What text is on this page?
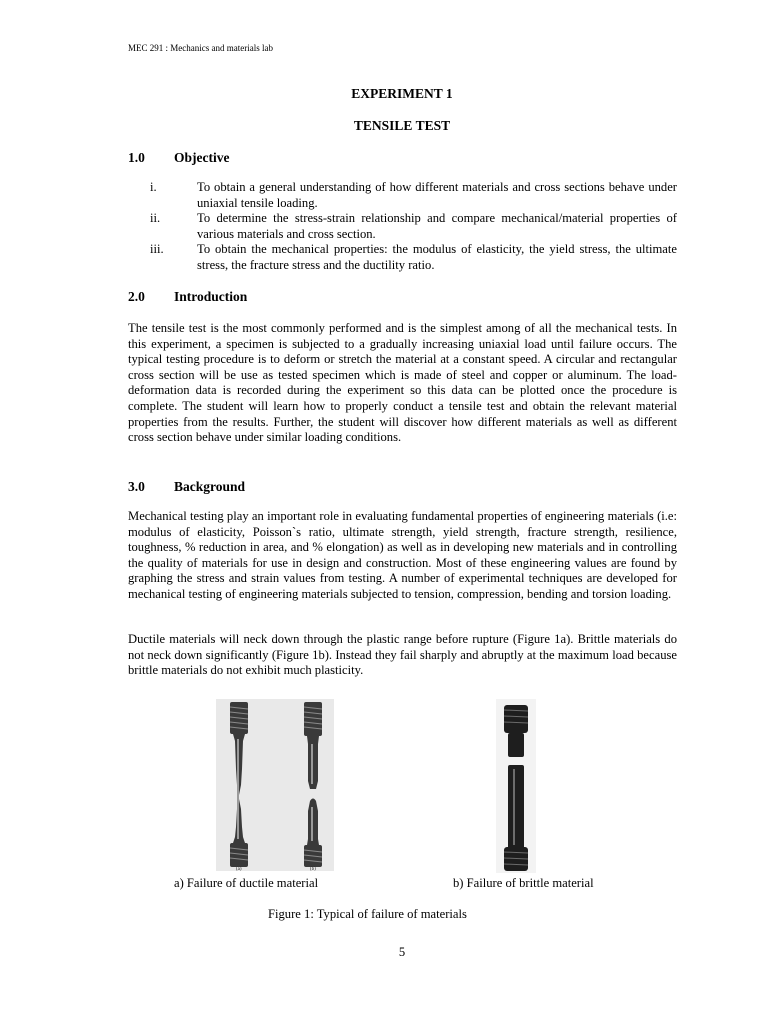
MEC 291 : Mechanics and materials lab
EXPERIMENT 1
TENSILE TEST
1.0 Objective
i.	To obtain a general understanding of how different materials and cross sections behave under uniaxial tensile loading.
ii.	To determine the stress-strain relationship and compare mechanical/material properties of various materials and cross section.
iii.	To obtain the mechanical properties: the modulus of elasticity, the yield stress, the ultimate stress, the fracture stress and the ductility ratio.
2.0 Introduction
The tensile test is the most commonly performed and is the simplest among of all the mechanical tests. In this experiment, a specimen is subjected to a gradually increasing uniaxial load until failure occurs. The typical testing procedure is to deform or stretch the material at a constant speed. A circular and rectangular cross section will be use as tested specimen which is made of steel and copper or aluminum. The load-deformation data is recorded during the experiment so this data can be plotted once the procedure is complete. The student will learn how to properly conduct a tensile test and obtain the relevant material properties from the results. Further, the student will discover how different materials as well as different cross section behave under similar loading conditions.
3.0 Background
Mechanical testing play an important role in evaluating fundamental properties of engineering materials (i.e: modulus of elasticity, Poisson`s ratio, ultimate strength, yield strength, fracture strength, resilience, toughness, % reduction in area, and % elongation) as well as in developing new materials and in controlling the quality of materials for use in design and construction. Most of these engineering values are found by graphing the stress and strain values from testing. A number of experimental techniques are developed for mechanical testing of engineering materials subjected to tension, compression, bending and torsion loading.
Ductile materials will neck down through the plastic range before rupture (Figure 1a). Brittle materials do not neck down significantly (Figure 1b). Instead they fail sharply and abruptly at the maximum load because brittle materials do not exhibit much plasticity.
(a)	(b)
a) Failure of ductile material	b) Failure of brittle material
Figure 1: Typical of failure of materials
5
